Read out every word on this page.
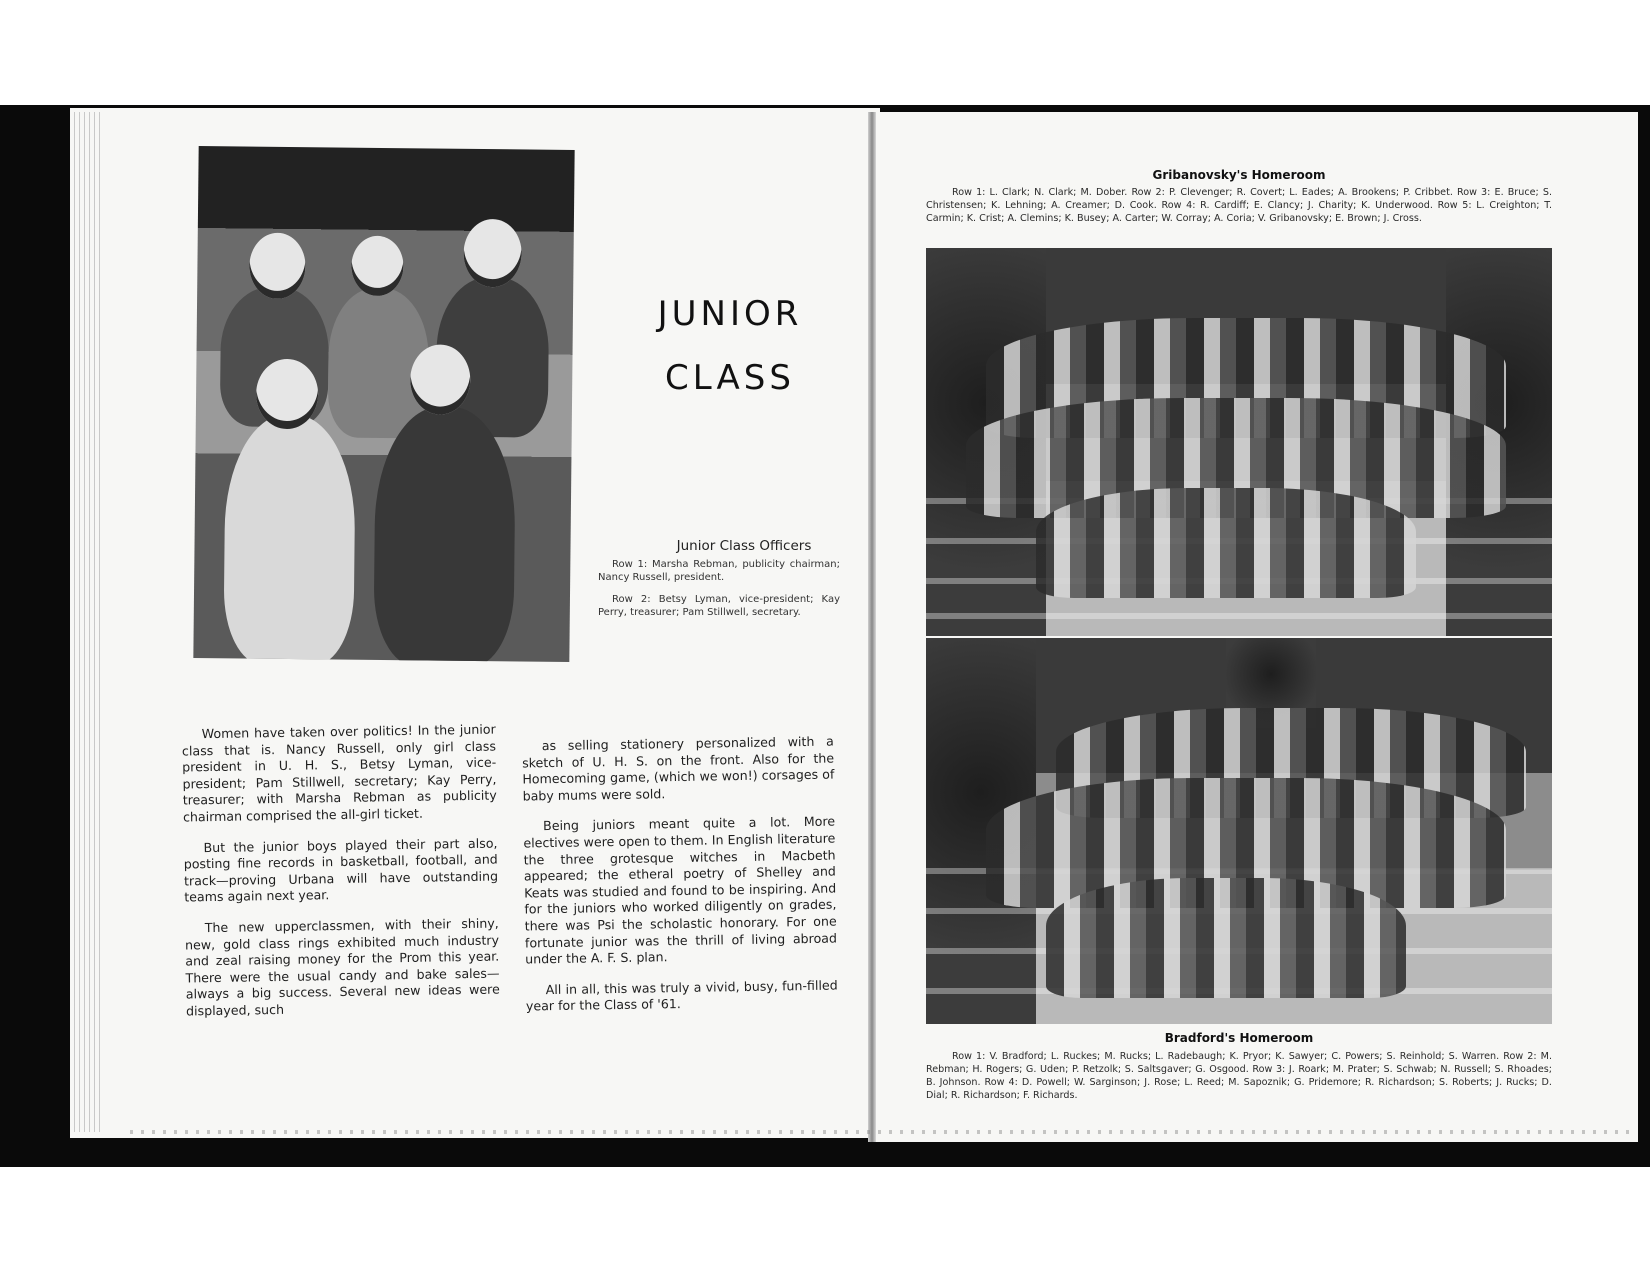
JUNIOR
CLASS
Junior Class Officers
Row 1: Marsha Rebman, publicity chairman; Nancy Russell, president.
Row 2: Betsy Lyman, vice-president; Kay Perry, treasurer; Pam Stillwell, secretary.

Women have taken over politics! In the junior class that is. Nancy Russell, only girl class president in U. H. S., Betsy Lyman, vice-president; Pam Stillwell, secretary; Kay Perry, treasurer; with Marsha Rebman as publicity chairman comprised the all-girl ticket.

But the junior boys played their part also, posting fine records in basketball, football, and track—proving Urbana will have outstanding teams again next year.

The new upperclassmen, with their shiny, new, gold class rings exhibited much industry and zeal raising money for the Prom this year. There were the usual candy and bake sales—always a big success. Several new ideas were displayed, such

as selling stationery personalized with a sketch of U. H. S. on the front. Also for the Homecoming game, (which we won!) corsages of baby mums were sold.

Being juniors meant quite a lot. More electives were open to them. In English literature the three grotesque witches in Macbeth appeared; the etheral poetry of Shelley and Keats was studied and found to be inspiring. And for the juniors who worked diligently on grades, there was Psi the scholastic honorary. For one fortunate junior was the thrill of living abroad under the A. F. S. plan.

All in all, this was truly a vivid, busy, fun-filled year for the Class of '61.

Gribanovsky's Homeroom
Row 1: L. Clark; N. Clark; M. Dober. Row 2: P. Clevenger; R. Covert; L. Eades; A. Brookens; P. Cribbet. Row 3: E. Bruce; S. Christensen; K. Lehning; A. Creamer; D. Cook. Row 4: R. Cardiff; E. Clancy; J. Charity; K. Underwood. Row 5: L. Creighton; T. Carmin; K. Crist; A. Clemins; K. Busey; A. Carter; W. Corray; A. Coria; V. Gribanovsky; E. Brown; J. Cross.
Bradford's Homeroom
Row 1: V. Bradford; L. Ruckes; M. Rucks; L. Radebaugh; K. Pryor; K. Sawyer; C. Powers; S. Reinhold; S. Warren. Row 2: M. Rebman; H. Rogers; G. Uden; P. Retzolk; S. Saltsgaver; G. Osgood. Row 3: J. Roark; M. Prater; S. Schwab; N. Russell; S. Rhoades; B. Johnson. Row 4: D. Powell; W. Sarginson; J. Rose; L. Reed; M. Sapoznik; G. Pridemore; R. Richardson; S. Roberts; J. Rucks; D. Dial; R. Richardson; F. Richards.
